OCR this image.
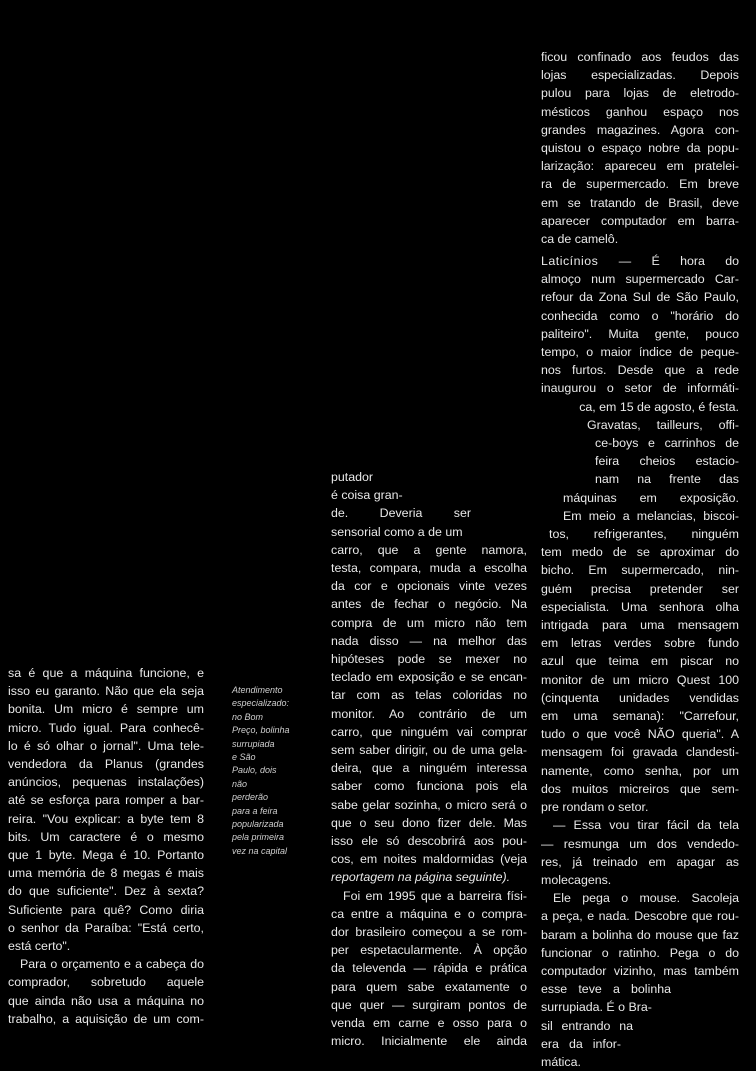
ficou confinado aos feudos das
lojas especializadas. Depois
pulou para lojas de eletrodo-
mésticos ganhou espaço nos
grandes magazines. Agora con-
quistou o espaço nobre da popu-
larização: apareceu em pratelei-
ra de supermercado. Em breve
em se tratando de Brasil, deve
aparecer computador em barra-
ca de camelô.
Laticínios — É hora do
almoço num supermercado Car-
refour da Zona Sul de São Paulo,
conhecida como o "horário do
paliteiro". Muita gente, pouco
tempo, o maior índice de peque-
nos furtos. Desde que a rede
inaugurou o setor de informáti-
ca, em 15 de agosto, é festa.
Gravatas, tailleurs, offi-
ce-boys e carrinhos de
feira cheios estacio-
nam na frente das
máquinas em exposição.
Em meio a melancias, biscoi-
tos, refrigerantes, ninguém
tem medo de se aproximar do
bicho. Em supermercado, nin-
guém precisa pretender ser
especialista. Uma senhora olha
intrigada para uma mensagem
em letras verdes sobre fundo
azul que teima em piscar no
monitor de um micro Quest 100
(cinquenta unidades vendidas
em uma semana): "Carrefour,
tudo o que você NÃO queria". A
mensagem foi gravada clandesti-
namente, como senha, por um
dos muitos micreiros que sem-
pre rondam o setor.
— Essa vou tirar fácil da tela
— resmunga um dos vendedo-
res, já treinado em apagar as
molecagens.
Ele pega o mouse. Sacoleja
a peça, e nada. Descobre que rou-
baram a bolinha do mouse que faz
funcionar o ratinho. Pega o do
computador vizinho, mas também
esse teve a bolinha
surrupiada. É o Bra-
sil entrando na
era da infor-
mática.
putador
é coisa gran-
de. Deveria ser
sensorial como a de um
carro, que a gente namora,
testa, compara, muda a escolha
da cor e opcionais vinte vezes
antes de fechar o negócio. Na
compra de um micro não tem
nada disso — na melhor das
hipóteses pode se mexer no
teclado em exposição e se encan-
tar com as telas coloridas no
monitor. Ao contrário de um
carro, que ninguém vai comprar
sem saber dirigir, ou de uma gela-
deira, que a ninguém interessa
saber como funciona pois ela
sabe gelar sozinha, o micro será o
que o seu dono fizer dele. Mas
isso ele só descobrirá aos pou-
cos, em noites maldormidas (veja
reportagem na página seguinte).
Foi em 1995 que a barreira físi-
ca entre a máquina e o compra-
dor brasileiro começou a se rom-
per espetacularmente. À opção
da televenda — rápida e prática
para quem sabe exatamente o
que quer — surgiram pontos de
venda em carne e osso para o
micro. Inicialmente ele ainda
Atendimento
especializado:
no Bom
Preço, bolinha
surrupiada
e São
Paulo, dois
não
perderão
para a feira
popularizada
pela primeira
vez na capital
sa é que a máquina funcione, e
isso eu garanto. Não que ela seja
bonita. Um micro é sempre um
micro. Tudo igual. Para conhecê-
lo é só olhar o jornal". Uma tele-
vendedora da Planus (grandes
anúncios, pequenas instalações)
até se esforça para romper a bar-
reira. "Vou explicar: a byte tem 8
bits. Um caractere é o mesmo
que 1 byte. Mega é 10. Portanto
uma memória de 8 megas é mais
do que suficiente". Dez à sexta?
Suficiente para quê? Como diria
o senhor da Paraíba: "Está certo,
está certo".
Para o orçamento e a cabeça do
comprador, sobretudo aquele
que ainda não usa a máquina no
trabalho, a aquisição de um com-
